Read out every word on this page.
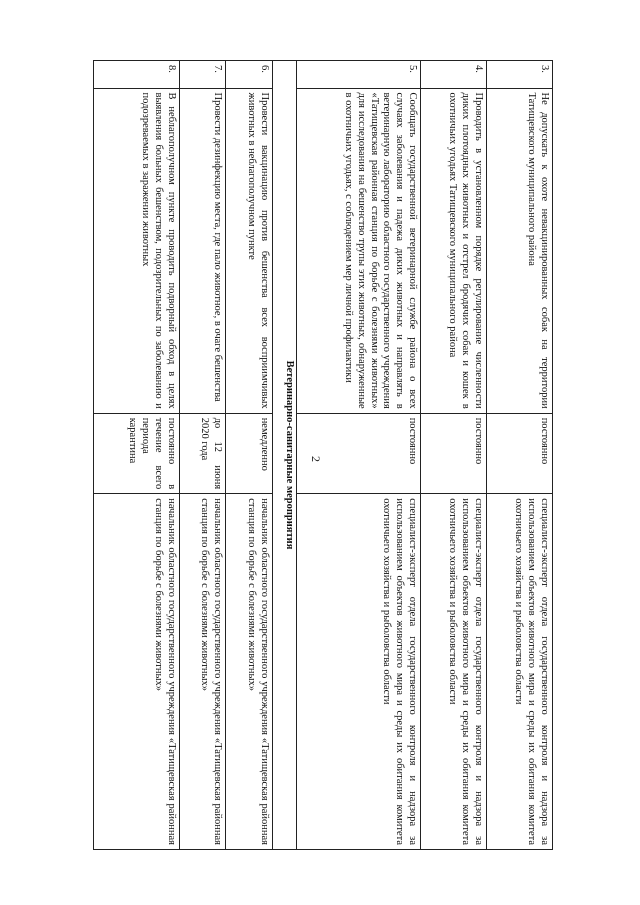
2
3.	Не допускать к охоте невакцинированных собак на территории Татищевского муниципального района	постоянно	специалист-эксперт отдела государственного контроля и надзора за использованием объектов животного мира и среды их обитания комитета охотничьего хозяйства и рыболовства области
4.	Проводить в установленном порядке регулирование численности диких плотоядных животных и отстрел бродячих собак и кошек в охотничьих угодьях Татищевского муниципального района	постоянно	специалист-эксперт отдела государственного контроля и надзора за использованием объектов животного мира и среды их обитания комитета охотничьего хозяйства и рыболовства области
5.	Сообщать государственной ветеринарной службе района о всех случаях заболевания и падежа диких животных и направлять в ветеринарную лабораторию областного государственного учреждения «Татищевская районная станция по борьбе с болезнями животных» для исследования на бешенство трупы этих животных, обнаруженные в охотничьих угодьях, с соблюдением мер личной профилактики	постоянно	специалист-эксперт отдела государственного контроля и надзора за использованием объектов животного мира и среды их обитания комитета охотничьего хозяйства и рыболовства области
Ветеринарно-санитарные мероприятия			
6.	Провести вакцинацию против бешенства всех восприимчивых животных в неблагополучном пункте	немедленно	начальник областного государственного учреждения «Татищевская районная станция по борьбе с болезнями животных»
7.	Провести дезинфекцию места, где пало животное, в очаге бешенства	до 12 июня 2020 года	начальник областного государственного учреждения «Татищевская районная станция по борьбе с болезнями животных»
8.	В неблагополучном пункте проводить подворный обход в целях выявления больных бешенством, подозрительных по заболеванию и подозреваемых в заражении животных	постоянно в течение всего периода карантина	начальник областного государственного учреждения «Татищевская районная станция по борьбе с болезнями животных»
